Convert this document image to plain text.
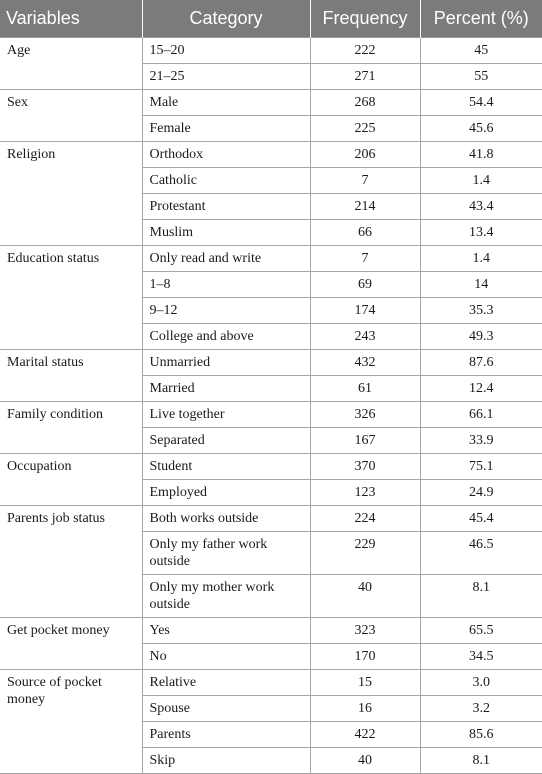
Variables	Category	Frequency	Percent (%)
Age	15–20	222	45
	21–25	271	55
Sex	Male	268	54.4
	Female	225	45.6
Religion	Orthodox	206	41.8
	Catholic	7	1.4
	Protestant	214	43.4
	Muslim	66	13.4
Education status	Only read and write	7	1.4
	1–8	69	14
	9–12	174	35.3
	College and above	243	49.3
Marital status	Unmarried	432	87.6
	Married	61	12.4
Family condition	Live together	326	66.1
	Separated	167	33.9
Occupation	Student	370	75.1
	Employed	123	24.9
Parents job status	Both works outside	224	45.4
	Only my father work outside	229	46.5
	Only my mother work outside	40	8.1
Get pocket money	Yes	323	65.5
	No	170	34.5
Source of pocket money	Relative	15	3.0
	Spouse	16	3.2
	Parents	422	85.6
	Skip	40	8.1
